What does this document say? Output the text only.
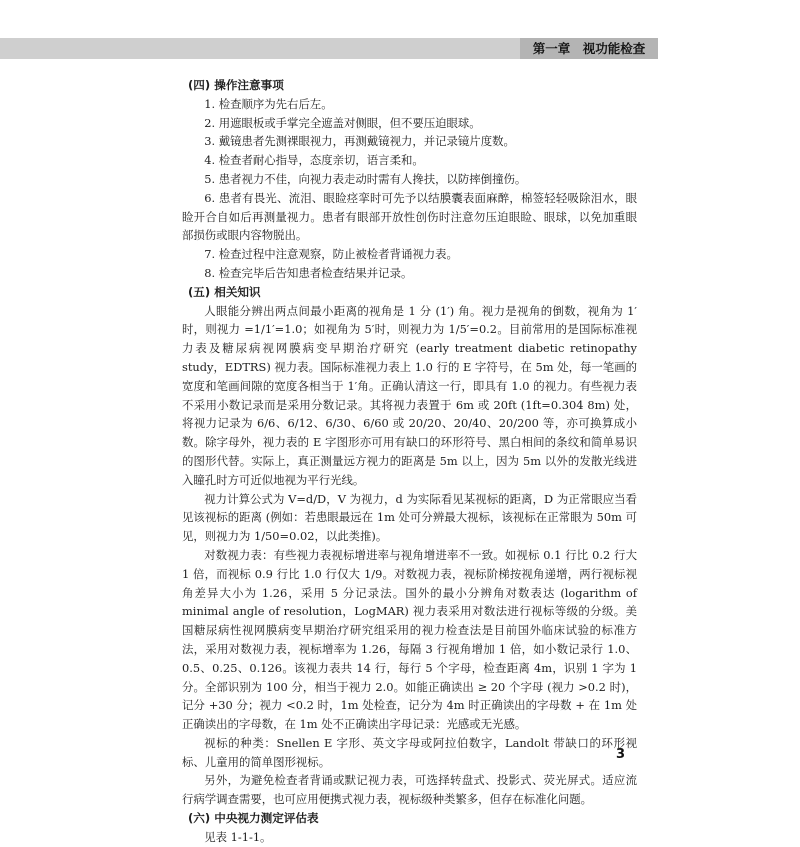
第一章　视功能检查

(四) 操作注意事项

1. 检查顺序为先右后左。

2. 用遮眼板或手掌完全遮盖对侧眼，但不要压迫眼球。

3. 戴镜患者先测裸眼视力，再测戴镜视力，并记录镜片度数。

4. 检查者耐心指导，态度亲切，语言柔和。

5. 患者视力不佳，向视力表走动时需有人搀扶，以防摔倒撞伤。

6. 患者有畏光、流泪、眼睑痉挛时可先予以结膜囊表面麻醉，棉签轻轻吸除泪水，眼睑开合自如后再测量视力。患者有眼部开放性创伤时注意勿压迫眼睑、眼球，以免加重眼部损伤或眼内容物脱出。

7. 检查过程中注意观察，防止被检者背诵视力表。

8. 检查完毕后告知患者检查结果并记录。

(五) 相关知识

人眼能分辨出两点间最小距离的视角是 1 分 (1′) 角。视力是视角的倒数，视角为 1′时，则视力 =1/1′=1.0；如视角为 5′时，则视力为 1/5′=0.2。目前常用的是国际标准视力表及糖尿病视网膜病变早期治疗研究 (early treatment diabetic retinopathy study，EDTRS) 视力表。国际标准视力表上 1.0 行的 E 字符号，在 5m 处，每一笔画的宽度和笔画间隙的宽度各相当于 1′角。正确认清这一行，即具有 1.0 的视力。有些视力表不采用小数记录而是采用分数记录。其将视力表置于 6m 或 20ft (1ft=0.304 8m) 处，将视力记录为 6/6、6/12、6/30、6/60 或 20/20、20/40、20/200 等，亦可换算成小数。除字母外，视力表的 E 字图形亦可用有缺口的环形符号、黑白相间的条纹和简单易识的图形代替。实际上，真正测量远方视力的距离是 5m 以上，因为 5m 以外的发散光线进入瞳孔时方可近似地视为平行光线。

视力计算公式为 V=d/D，V 为视力，d 为实际看见某视标的距离，D 为正常眼应当看见该视标的距离 (例如：若患眼最远在 1m 处可分辨最大视标，该视标在正常眼为 50m 可见，则视力为 1/50=0.02，以此类推)。

对数视力表：有些视力表视标增进率与视角增进率不一致。如视标 0.1 行比 0.2 行大 1 倍，而视标 0.9 行比 1.0 行仅大 1/9。对数视力表，视标阶梯按视角递增，两行视标视角差异大小为 1.26，采用 5 分记录法。国外的最小分辨角对数表达 (logarithm of minimal angle of resolution，LogMAR) 视力表采用对数法进行视标等级的分级。美国糖尿病性视网膜病变早期治疗研究组采用的视力检查法是目前国外临床试验的标准方法，采用对数视力表，视标增率为 1.26，每隔 3 行视角增加 1 倍，如小数记录行 1.0、0.5、0.25、0.126。该视力表共 14 行，每行 5 个字母，检查距离 4m，识别 1 字为 1 分。全部识别为 100 分，相当于视力 2.0。如能正确读出 ≥ 20 个字母 (视力 >0.2 时)，记分 +30 分；视力 <0.2 时，1m 处检查，记分为 4m 时正确读出的字母数 + 在 1m 处正确读出的字母数，在 1m 处不正确读出字母记录：光感或无光感。

视标的种类：Snellen E 字形、英文字母或阿拉伯数字，Landolt 带缺口的环形视标、儿童用的简单图形视标。

另外，为避免检查者背诵或默记视力表，可选择转盘式、投影式、荧光屏式。适应流行病学调查需要，也可应用便携式视力表，视标级种类繁多，但存在标准化问题。

(六) 中央视力测定评估表

见表 1-1-1。

3
